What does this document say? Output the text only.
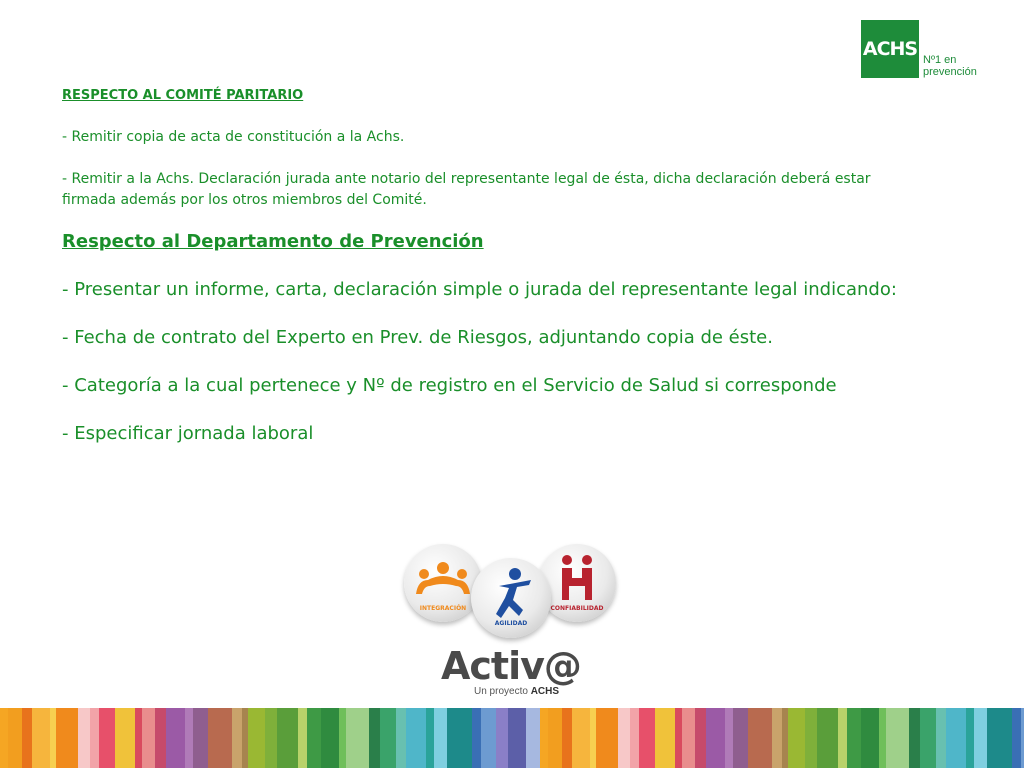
ACHS Nº1 en
prevención

RESPECTO AL COMITÉ PARITARIO

- Remitir copia de acta de constitución a la Achs.

- Remitir a la Achs. Declaración jurada ante notario del representante legal de ésta, dicha declaración deberá estar firmada además por los otros miembros del Comité.

Respecto al Departamento de Prevención

- Presentar un informe, carta, declaración simple o jurada del representante legal indicando:

- Fecha de contrato del Experto en Prev. de Riesgos, adjuntando copia de éste.

- Categoría a la cual pertenece y Nº de registro en el Servicio de Salud si corresponde

- Especificar jornada laboral

INTEGRACIÓN
AGILIDAD
CONFIABILIDAD
Activ@
Un proyecto ACHS
